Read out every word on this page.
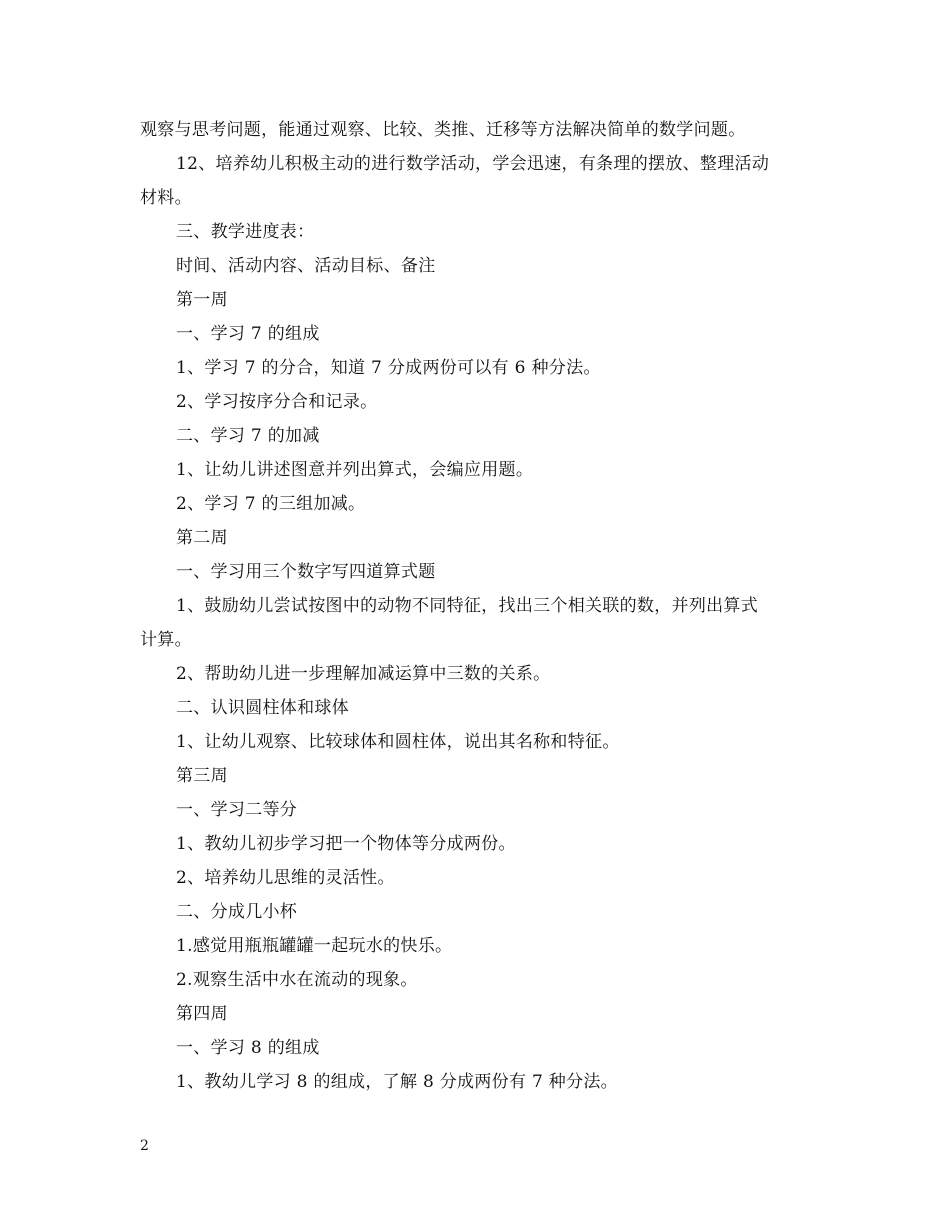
观察与思考问题，能通过观察、比较、类推、迁移等方法解决简单的数学问题。
12、培养幼儿积极主动的进行数学活动，学会迅速，有条理的摆放、整理活动
材料。
三、教学进度表：
时间、活动内容、活动目标、备注
第一周
一、学习 7 的组成
1、学习 7 的分合，知道 7 分成两份可以有 6 种分法。
2、学习按序分合和记录。
二、学习 7 的加减
1、让幼儿讲述图意并列出算式，会编应用题。
2、学习 7 的三组加减。
第二周
一、学习用三个数字写四道算式题
1、鼓励幼儿尝试按图中的动物不同特征，找出三个相关联的数，并列出算式
计算。
2、帮助幼儿进一步理解加减运算中三数的关系。
二、认识圆柱体和球体
1、让幼儿观察、比较球体和圆柱体，说出其名称和特征。
第三周
一、学习二等分
1、教幼儿初步学习把一个物体等分成两份。
2、培养幼儿思维的灵活性。
二、分成几小杯
1.感觉用瓶瓶罐罐一起玩水的快乐。
2.观察生活中水在流动的现象。
第四周
一、学习 8 的组成
1、教幼儿学习 8 的组成，了解 8 分成两份有 7 种分法。
2
